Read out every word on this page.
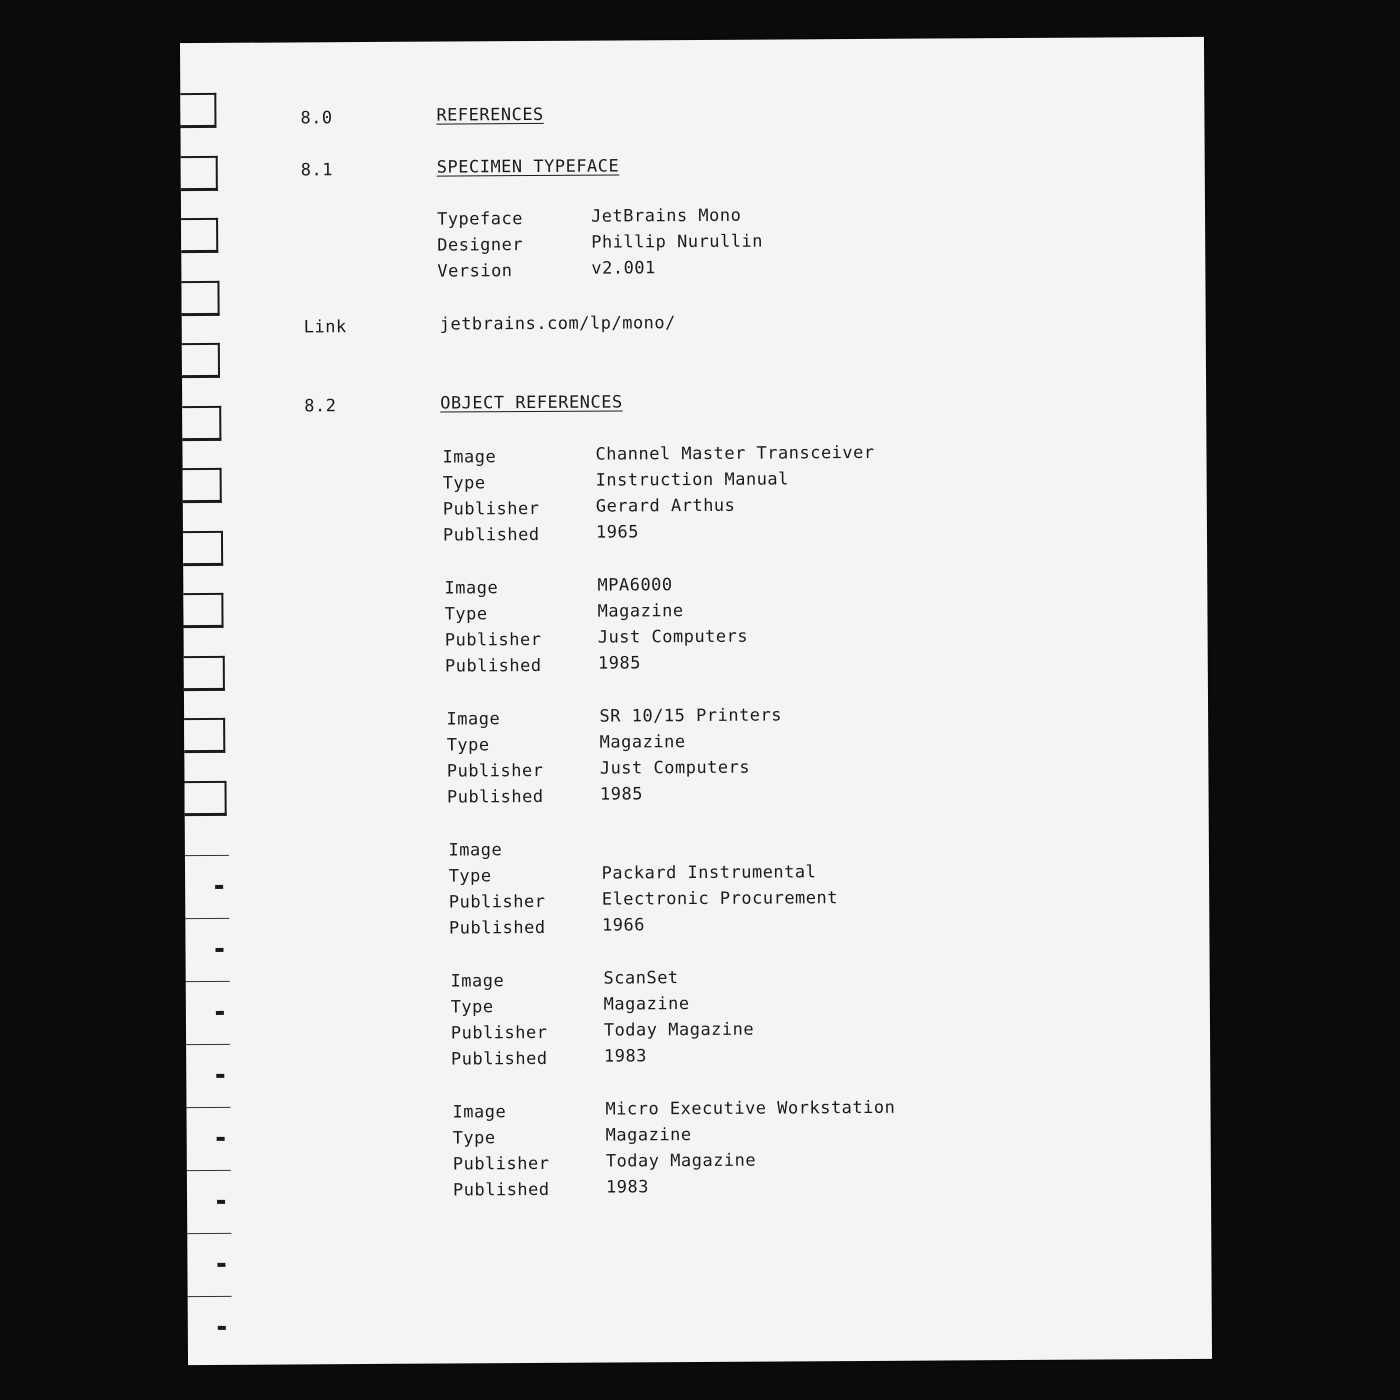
8.0	REFERENCES
8.1	SPECIMEN TYPEFACE
Typeface	JetBrains Mono
Designer	Phillip Nurullin
Version	v2.001
Link	jetbrains.com/lp/mono/
8.2	OBJECT REFERENCES
Image	Channel Master Transceiver
Type	Instruction Manual
Publisher	Gerard Arthus
Published	1965
Image	MPA6000
Type	Magazine
Publisher	Just Computers
Published	1985
Image	SR 10/15 Printers
Type	Magazine
Publisher	Just Computers
Published	1985
Image
Type	Packard Instrumental
Publisher	Electronic Procurement
Published	1966
Image	ScanSet
Type	Magazine
Publisher	Today Magazine
Published	1983
Image	Micro Executive Workstation
Type	Magazine
Publisher	Today Magazine
Published	1983
